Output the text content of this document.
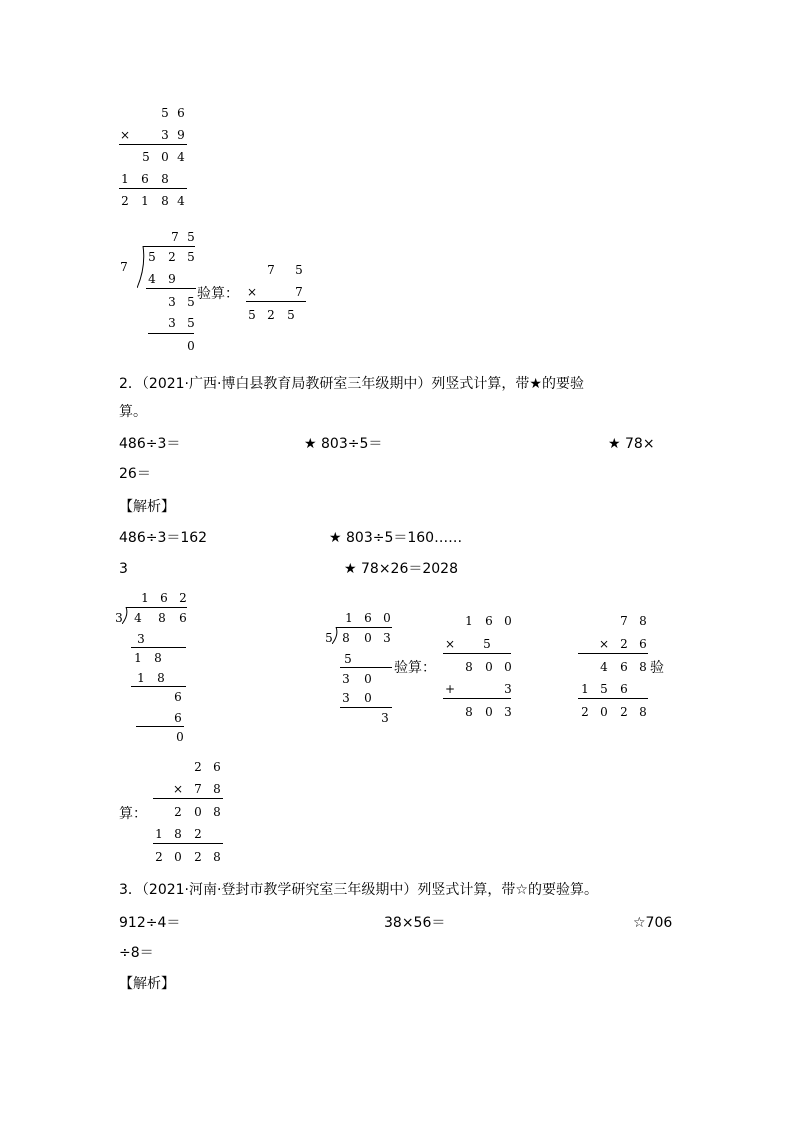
5 6
×	3 9
5 0 4
1 6 8
2 1 8 4
7 5
7
5 2 5
4 9
3 5
3 5
0
验算：
7 5
×	7
5 2 5
2．（2021·广西·博白县教育局教研室三年级期中）列竖式计算，带★的要验
算。
486÷3＝	★ 803÷5＝	★ 78×
26＝
【解析】
486÷3＝162	★ 803÷5＝160……
3	★ 78×26＝2028
1 6 2
3 4 8 6
3
1 8
1 8
6
6
0
1 6 0
5 8 0 3
5
3 0
3 0
3
验算：
1 6 0
× 5
8 0 0
+	3
8 0 3
7 8
× 2 6
4 6 8
1 5 6
2 0 2 8
验
算：
2 6
× 7 8
2 0 8
1 8 2
2 0 2 8
3．（2021·河南·登封市教学研究室三年级期中）列竖式计算，带☆的要验算。
912÷4＝	38×56＝	☆706
÷8＝
【解析】
